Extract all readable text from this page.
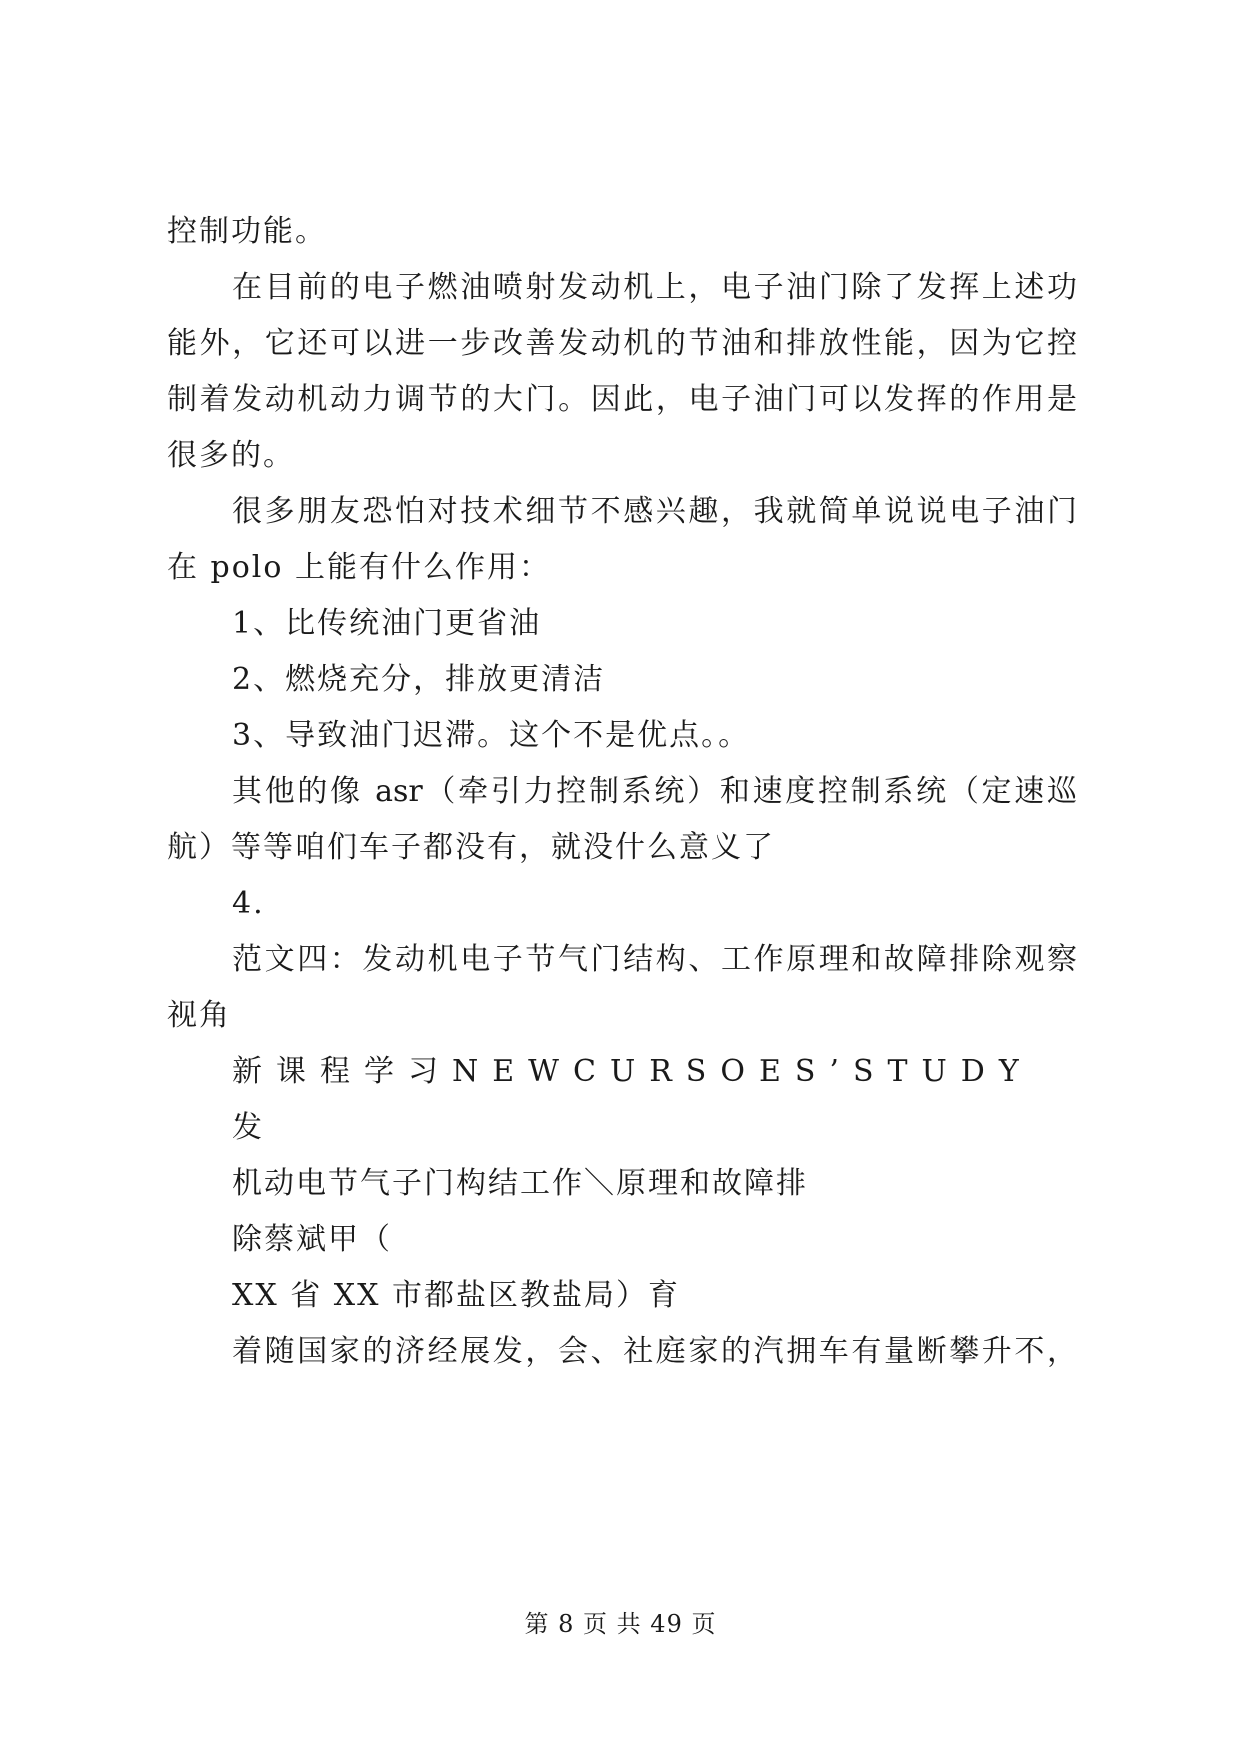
控制功能。
在目前的电子燃油喷射发动机上，电子油门除了发挥上述功
能外，它还可以进一步改善发动机的节油和排放性能，因为它控
制着发动机动力调节的大门。因此，电子油门可以发挥的作用是
很多的。
很多朋友恐怕对技术细节不感兴趣，我就简单说说电子油门
在 polo 上能有什么作用：
1、比传统油门更省油
2、燃烧充分，排放更清洁
3、导致油门迟滞。这个不是优点。。
其他的像 asr（牵引力控制系统）和速度控制系统（定速巡
航）等等咱们车子都没有，就没什么意义了
4.
范文四：发动机电子节气门结构、工作原理和故障排除观察
视角
新课程学习NEWCURSOES’STUDY
发
机动电节气子门构结工作＼原理和故障排
除蔡斌甲（
XX 省 XX 市都盐区教盐局）育
着随国家的济经展发，会、社庭家的汽拥车有量断攀升不，
第 8 页 共 49 页
